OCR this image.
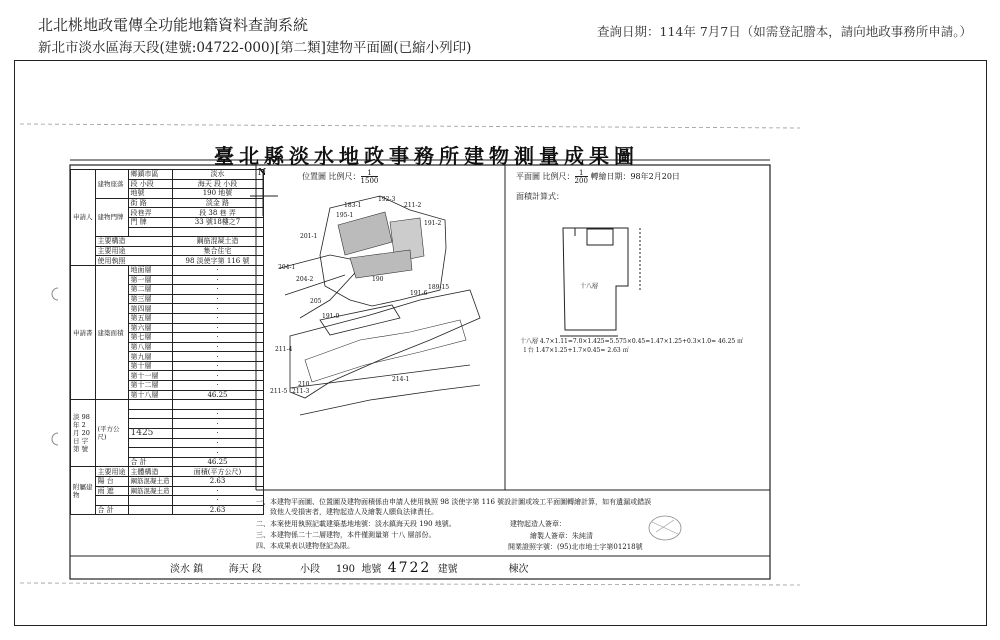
北北桃地政電傳全功能地籍資料查詢系統
新北市淡水區海天段(建號:04722-000)[第二類]建物平面圖(已縮小列印)
查詢日期：114年 7月7日（如需登記謄本，請向地政事務所申請。）
臺北縣淡水地政事務所建物測量成果圖
位置圖 比例尺：$\frac{1}{1500}$	平面圖 比例尺：$\frac{1}{200}$ 轉繪日期：98年2月20日
面積計算式：
N
十八層
十八層 4.7×1.11=7.0×1.425=5.575×0.45=1.47×1.25+0.3×1.0= 46.25 ㎡
l 台 1.47×1.25+1.7×0.45= 2.63 ㎡
183-1
192-3
211-2
195-1
191-2
201-1
204-1
204-2	190
189-15
191-6
205
191-9
211-4
214-1
210
211-5 211-3
申請人	建物座落	鄉鎮市區	淡水
		段 小段	海天 段 小段
		地號	190 地號
	建物門牌	街 路	淡金 路
		段巷弄	段 38 巷 弄
		門 牌	33 號18樓之7

	主要構造		鋼筋混凝土造
	主要用途		集合住宅
	使用執照		98 淡使字第 116 號
申請書	建築面積	地面層	·
		第一層	·
		第二層	·
		第三層	·
		第四層	·
		第五層	·
		第六層	·
		第七層	·
		第八層	·
		第九層	·
		第十層	·
		第十一層	·
		第十二層	·
		第十八層	46.25
淡 98 年 2 月 20 日 字 第 號	(平方公尺)		
			·
			·
		1425	·
			·
			·
		合 計	46.25
附屬建物	主要用途	主體構造	面積(平方公尺)
	陽 台	鋼筋混凝土造	2.63
	雨 遮	鋼筋混凝土造	·
			·
	合 計		2.63
一、本建物平面圖、位置圖及建物面積係由申請人使用執照 98 淡使字第 116 號設計圖或竣工平面圖轉繪計算，如有遺漏或錯誤
致他人受損害者，建物起造人及繪製人願負法律責任。
二、本案使用執照記載建築基地地號：淡水鎮海天段 190 地號。
三、本建物係二十二層建物，本件僅測量第 十八 層部份。
四、本成果表以建物登記為限。
建物起造人簽章：
繪製人簽章：朱純清
開業證照字號：(95)北市地士字第01218號
淡水 鎮	海天 段	小段 190 地號 4722 建號	棟次
